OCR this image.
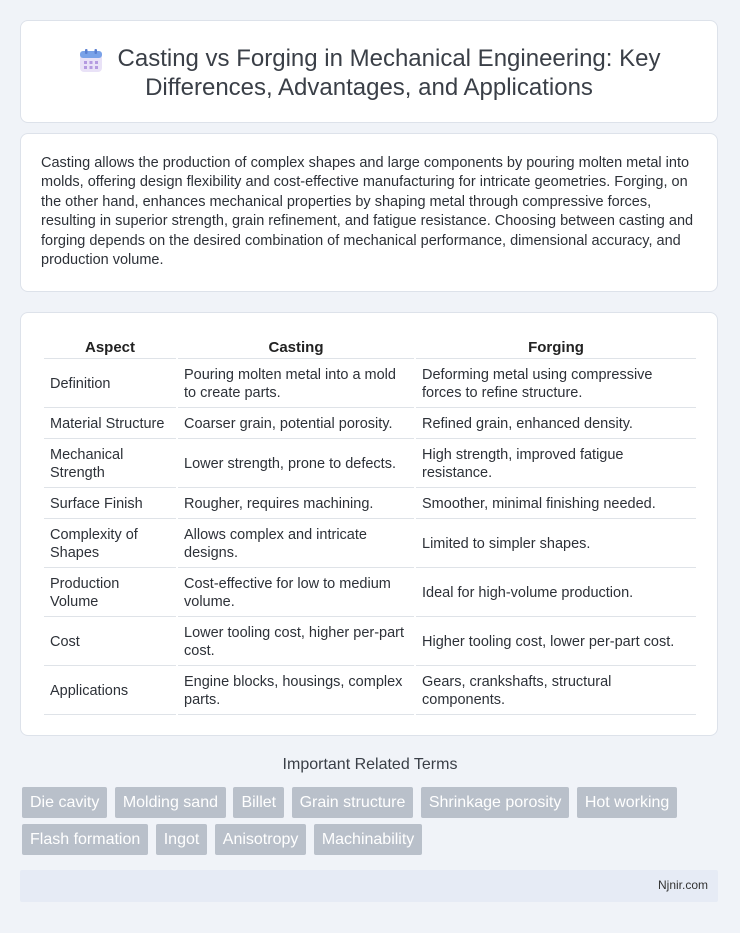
Casting vs Forging in Mechanical Engineering: Key Differences, Advantages, and Applications
Casting allows the production of complex shapes and large components by pouring molten metal into molds, offering design flexibility and cost-effective manufacturing for intricate geometries. Forging, on the other hand, enhances mechanical properties by shaping metal through compressive forces, resulting in superior strength, grain refinement, and fatigue resistance. Choosing between casting and forging depends on the desired combination of mechanical performance, dimensional accuracy, and production volume.
Aspect	Casting	Forging
Definition	Pouring molten metal into a mold to create parts.	Deforming metal using compressive forces to refine structure.
Material Structure	Coarser grain, potential porosity.	Refined grain, enhanced density.
Mechanical Strength	Lower strength, prone to defects.	High strength, improved fatigue resistance.
Surface Finish	Rougher, requires machining.	Smoother, minimal finishing needed.
Complexity of Shapes	Allows complex and intricate designs.	Limited to simpler shapes.
Production Volume	Cost-effective for low to medium volume.	Ideal for high-volume production.
Cost	Lower tooling cost, higher per-part cost.	Higher tooling cost, lower per-part cost.
Applications	Engine blocks, housings, complex parts.	Gears, crankshafts, structural components.
Important Related Terms
Die cavity Molding sand Billet Grain structure Shrinkage porosity Hot working Flash formation Ingot Anisotropy Machinability
Njnir.com
